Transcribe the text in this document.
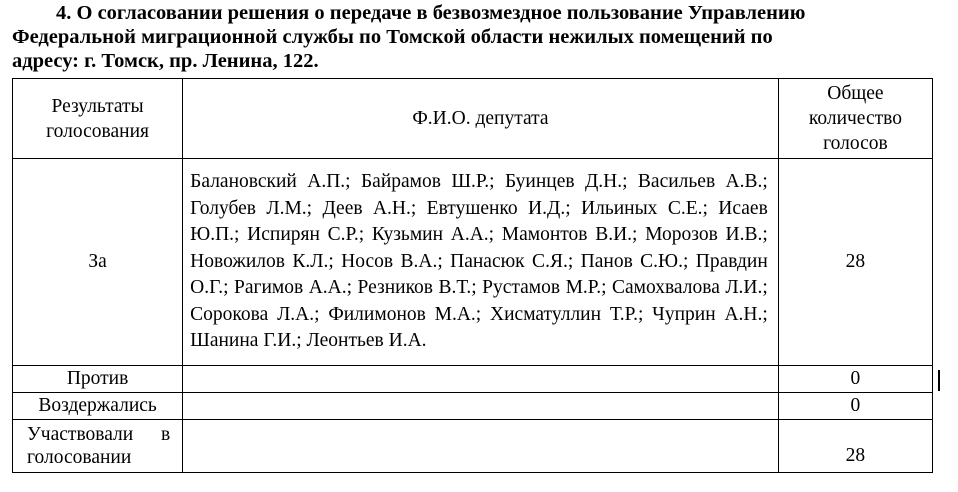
4. О согласовании решения о передаче в безвозмездное пользование Управлению
Федеральной миграционной службы по Томской области нежилых помещений по
адресу: г. Томск, пр. Ленина, 122.
Результаты голосования	Ф.И.О. депутата	Общее количество голосов
За	Балановский А.П.; Байрамов Ш.Р.; Буинцев Д.Н.; Васильев А.В.; Голубев Л.М.; Деев А.Н.; Евтушенко И.Д.; Ильиных С.Е.; Исаев Ю.П.; Испирян С.Р.; Кузьмин А.А.; Мамонтов В.И.; Морозов И.В.; Новожилов К.Л.; Носов В.А.; Панасюк С.Я.; Панов С.Ю.; Правдин О.Г.; Рагимов А.А.; Резников В.Т.; Рустамов М.Р.; Самохвалова Л.И.; Сорокова Л.А.; Филимонов М.А.; Хисматуллин Т.Р.; Чуприн А.Н.; Шанина Г.И.; Леонтьев И.А.	28
Против		0
Воздержались		0
Участвовали в голосовании		28
